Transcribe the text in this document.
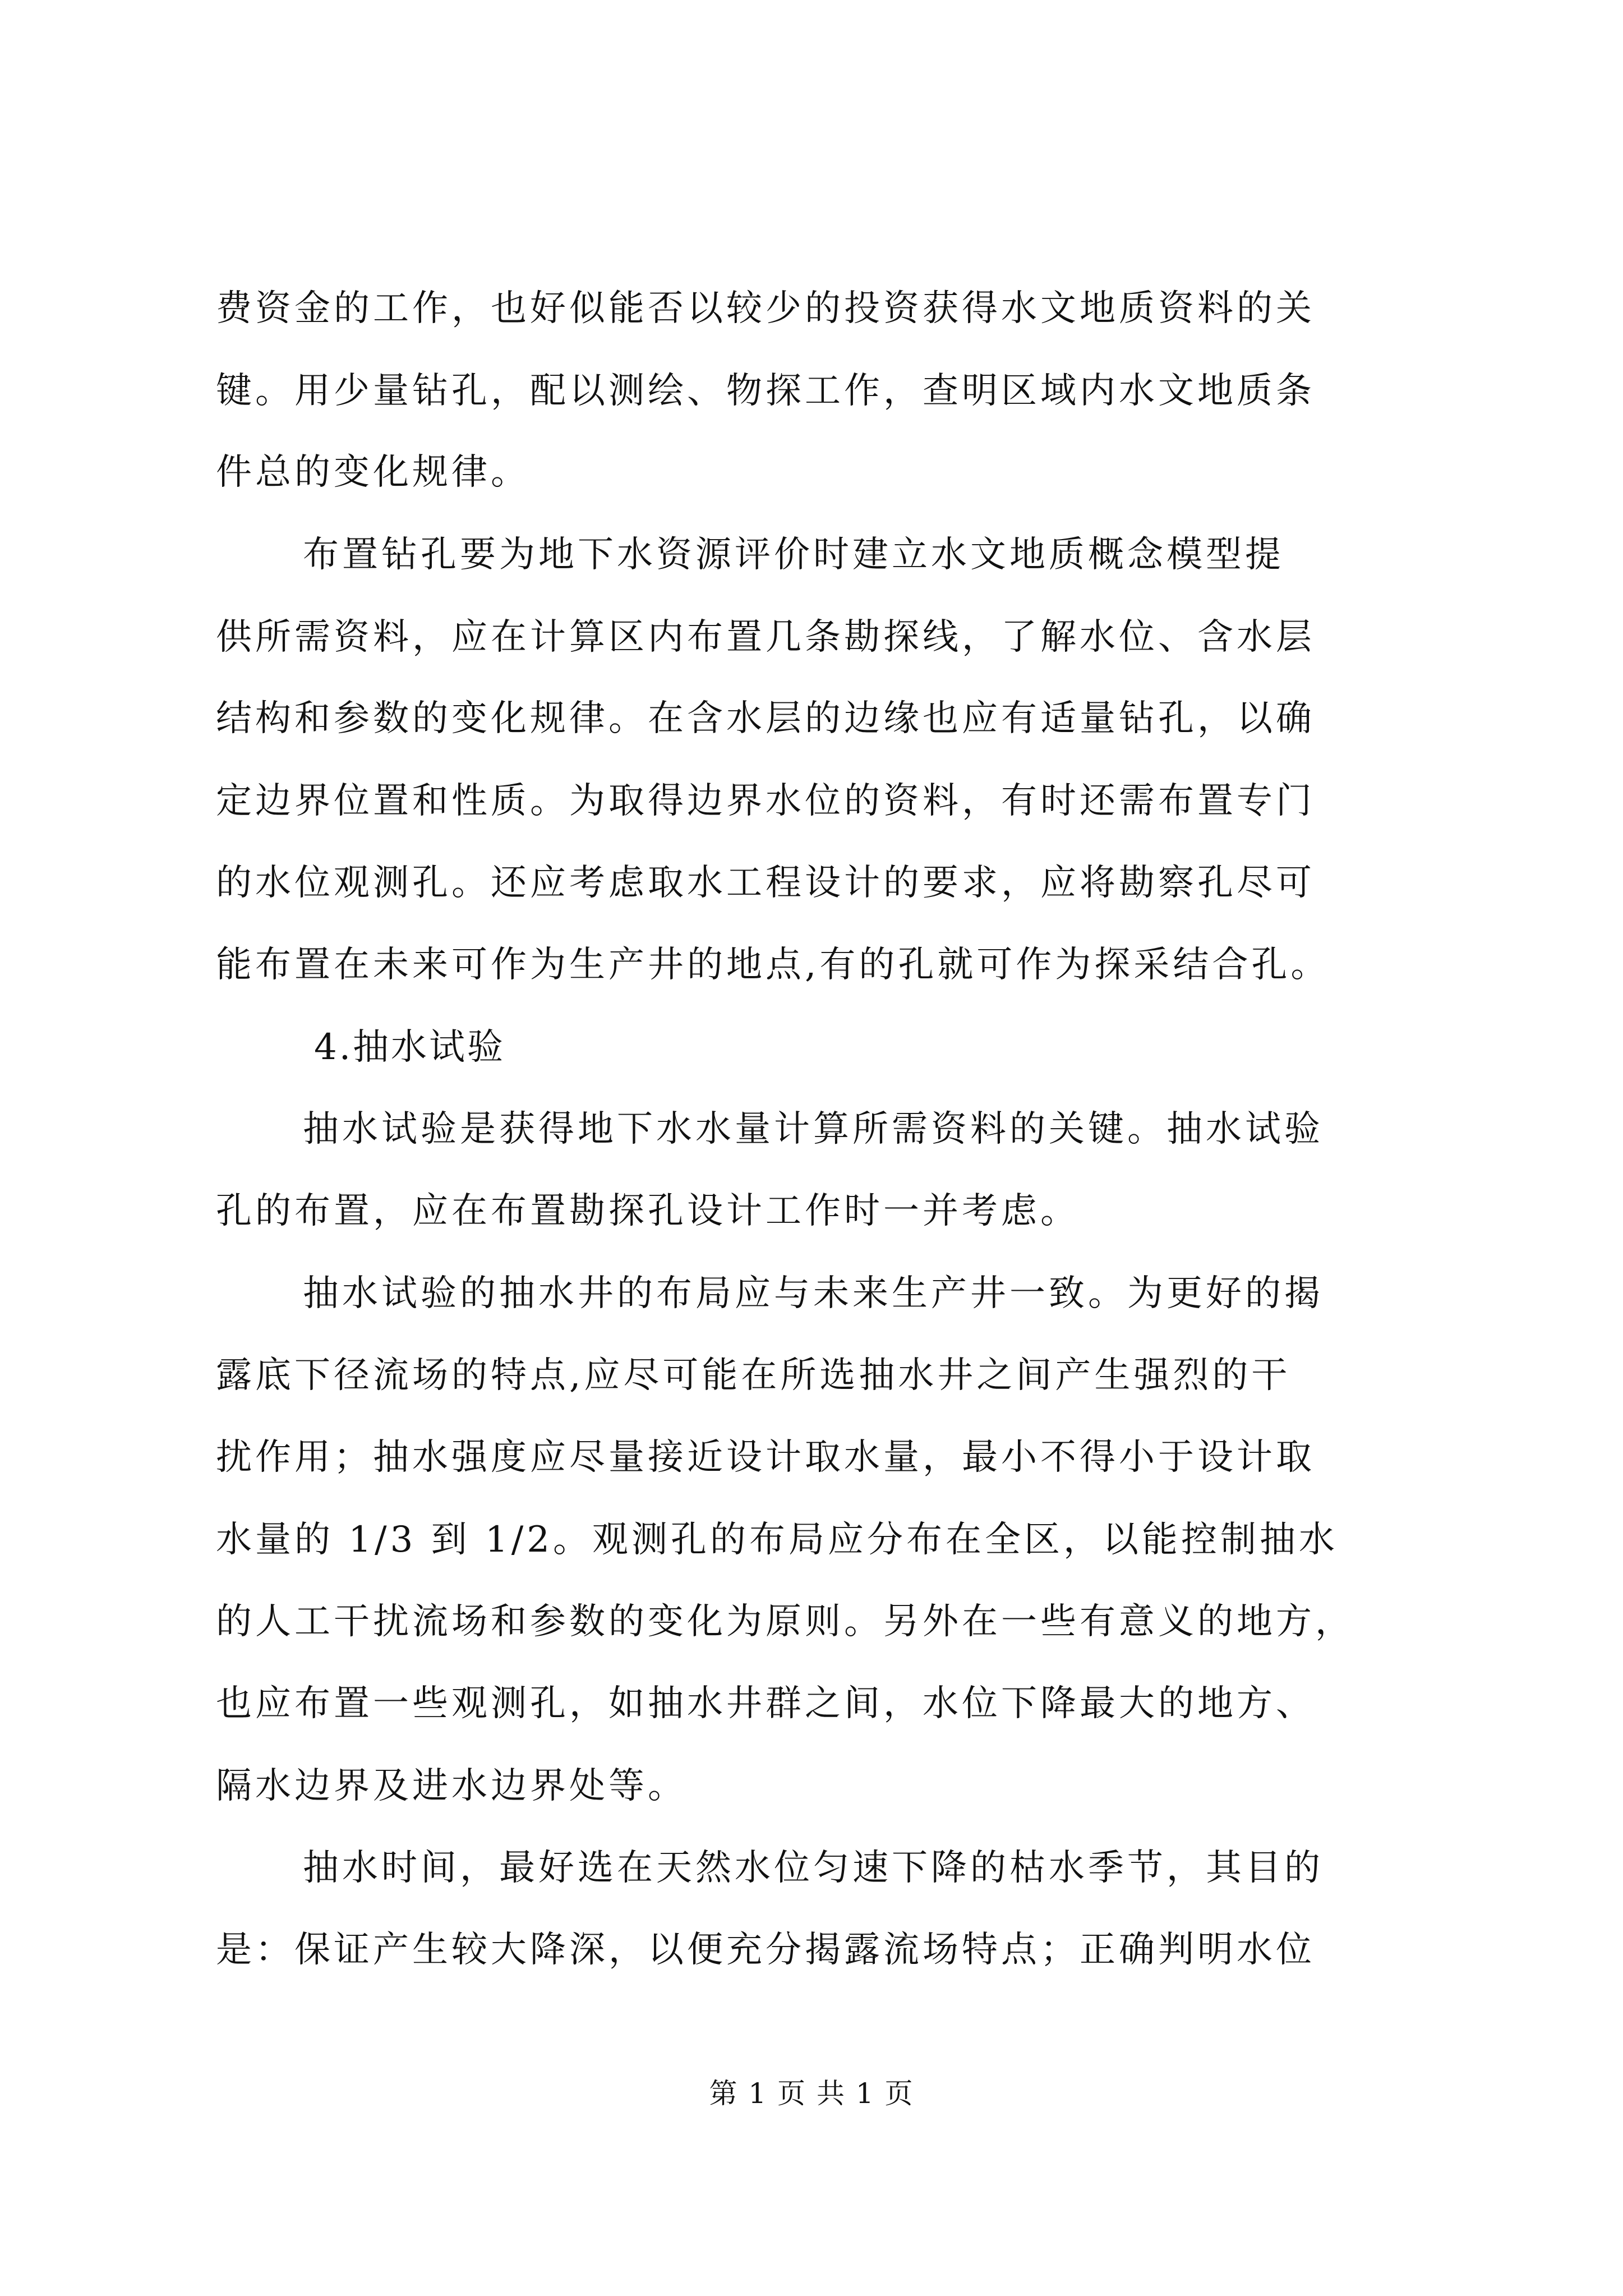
费资金的工作，也好似能否以较少的投资获得水文地质资料的关
键。用少量钻孔，配以测绘、物探工作，查明区域内水文地质条
件总的变化规律。
布置钻孔要为地下水资源评价时建立水文地质概念模型提
供所需资料，应在计算区内布置几条勘探线，了解水位、含水层
结构和参数的变化规律。在含水层的边缘也应有适量钻孔，以确
定边界位置和性质。为取得边界水位的资料，有时还需布置专门
的水位观测孔。还应考虑取水工程设计的要求，应将勘察孔尽可
能布置在未来可作为生产井的地点,有的孔就可作为探采结合孔。
4.抽水试验
抽水试验是获得地下水水量计算所需资料的关键。抽水试验
孔的布置，应在布置勘探孔设计工作时一并考虑。
抽水试验的抽水井的布局应与未来生产井一致。为更好的揭
露底下径流场的特点,应尽可能在所选抽水井之间产生强烈的干
扰作用；抽水强度应尽量接近设计取水量，最小不得小于设计取
水量的 1/3 到 1/2。观测孔的布局应分布在全区，以能控制抽水
的人工干扰流场和参数的变化为原则。另外在一些有意义的地方，
也应布置一些观测孔，如抽水井群之间，水位下降最大的地方、
隔水边界及进水边界处等。
抽水时间，最好选在天然水位匀速下降的枯水季节，其目的
是：保证产生较大降深，以便充分揭露流场特点；正确判明水位
第 1 页 共 1 页
